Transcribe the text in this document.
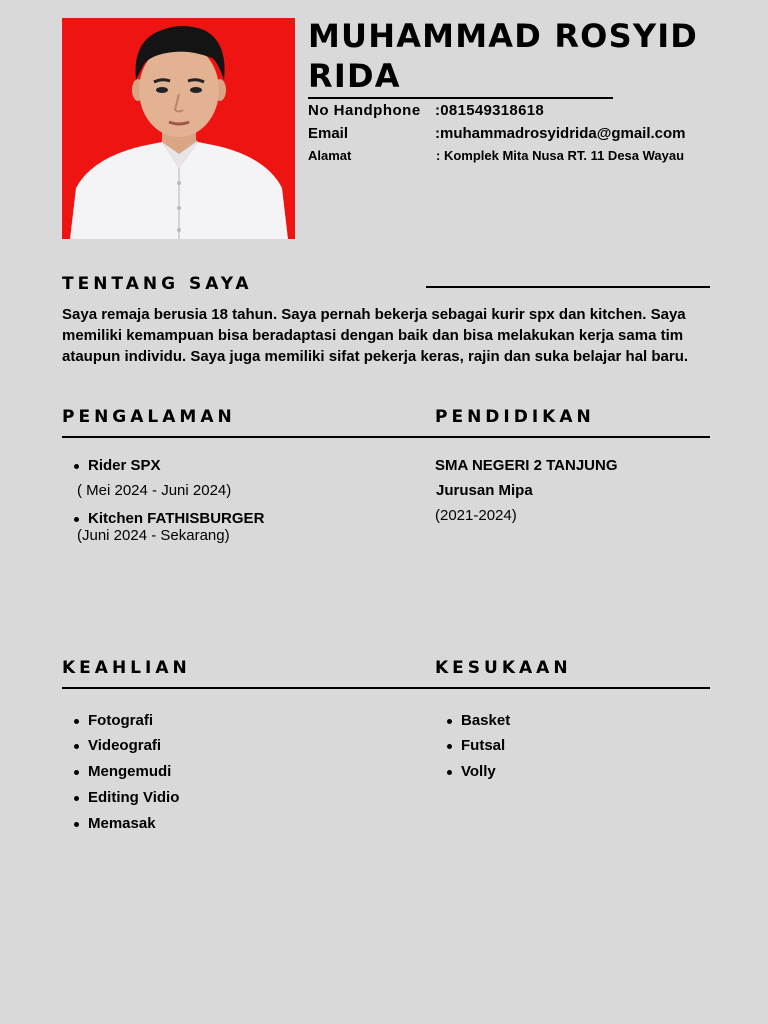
MUHAMMAD ROSYID RIDA
No Handphone :081549318618
Email	:muhammadrosyidrida@gmail.com
Alamat	: Komplek Mita Nusa RT. 11 Desa Wayau
TENTANG SAYA
Saya remaja berusia 18 tahun. Saya pernah bekerja sebagai kurir spx dan kitchen. Saya memiliki kemampuan bisa beradaptasi dengan baik dan bisa melakukan kerja sama tim ataupun individu. Saya juga memiliki sifat pekerja keras, rajin dan suka belajar hal baru.
PENGALAMAN
Rider SPX
( Mei 2024 - Juni 2024)
Kitchen FATHISBURGER
(Juni 2024 - Sekarang)
PENDIDIKAN
SMA NEGERI 2 TANJUNG
Jurusan Mipa
(2021-2024)
KEAHLIAN
Fotografi
Videografi
Mengemudi
Editing Vidio
Memasak
KESUKAAN
Basket
Futsal
Volly
